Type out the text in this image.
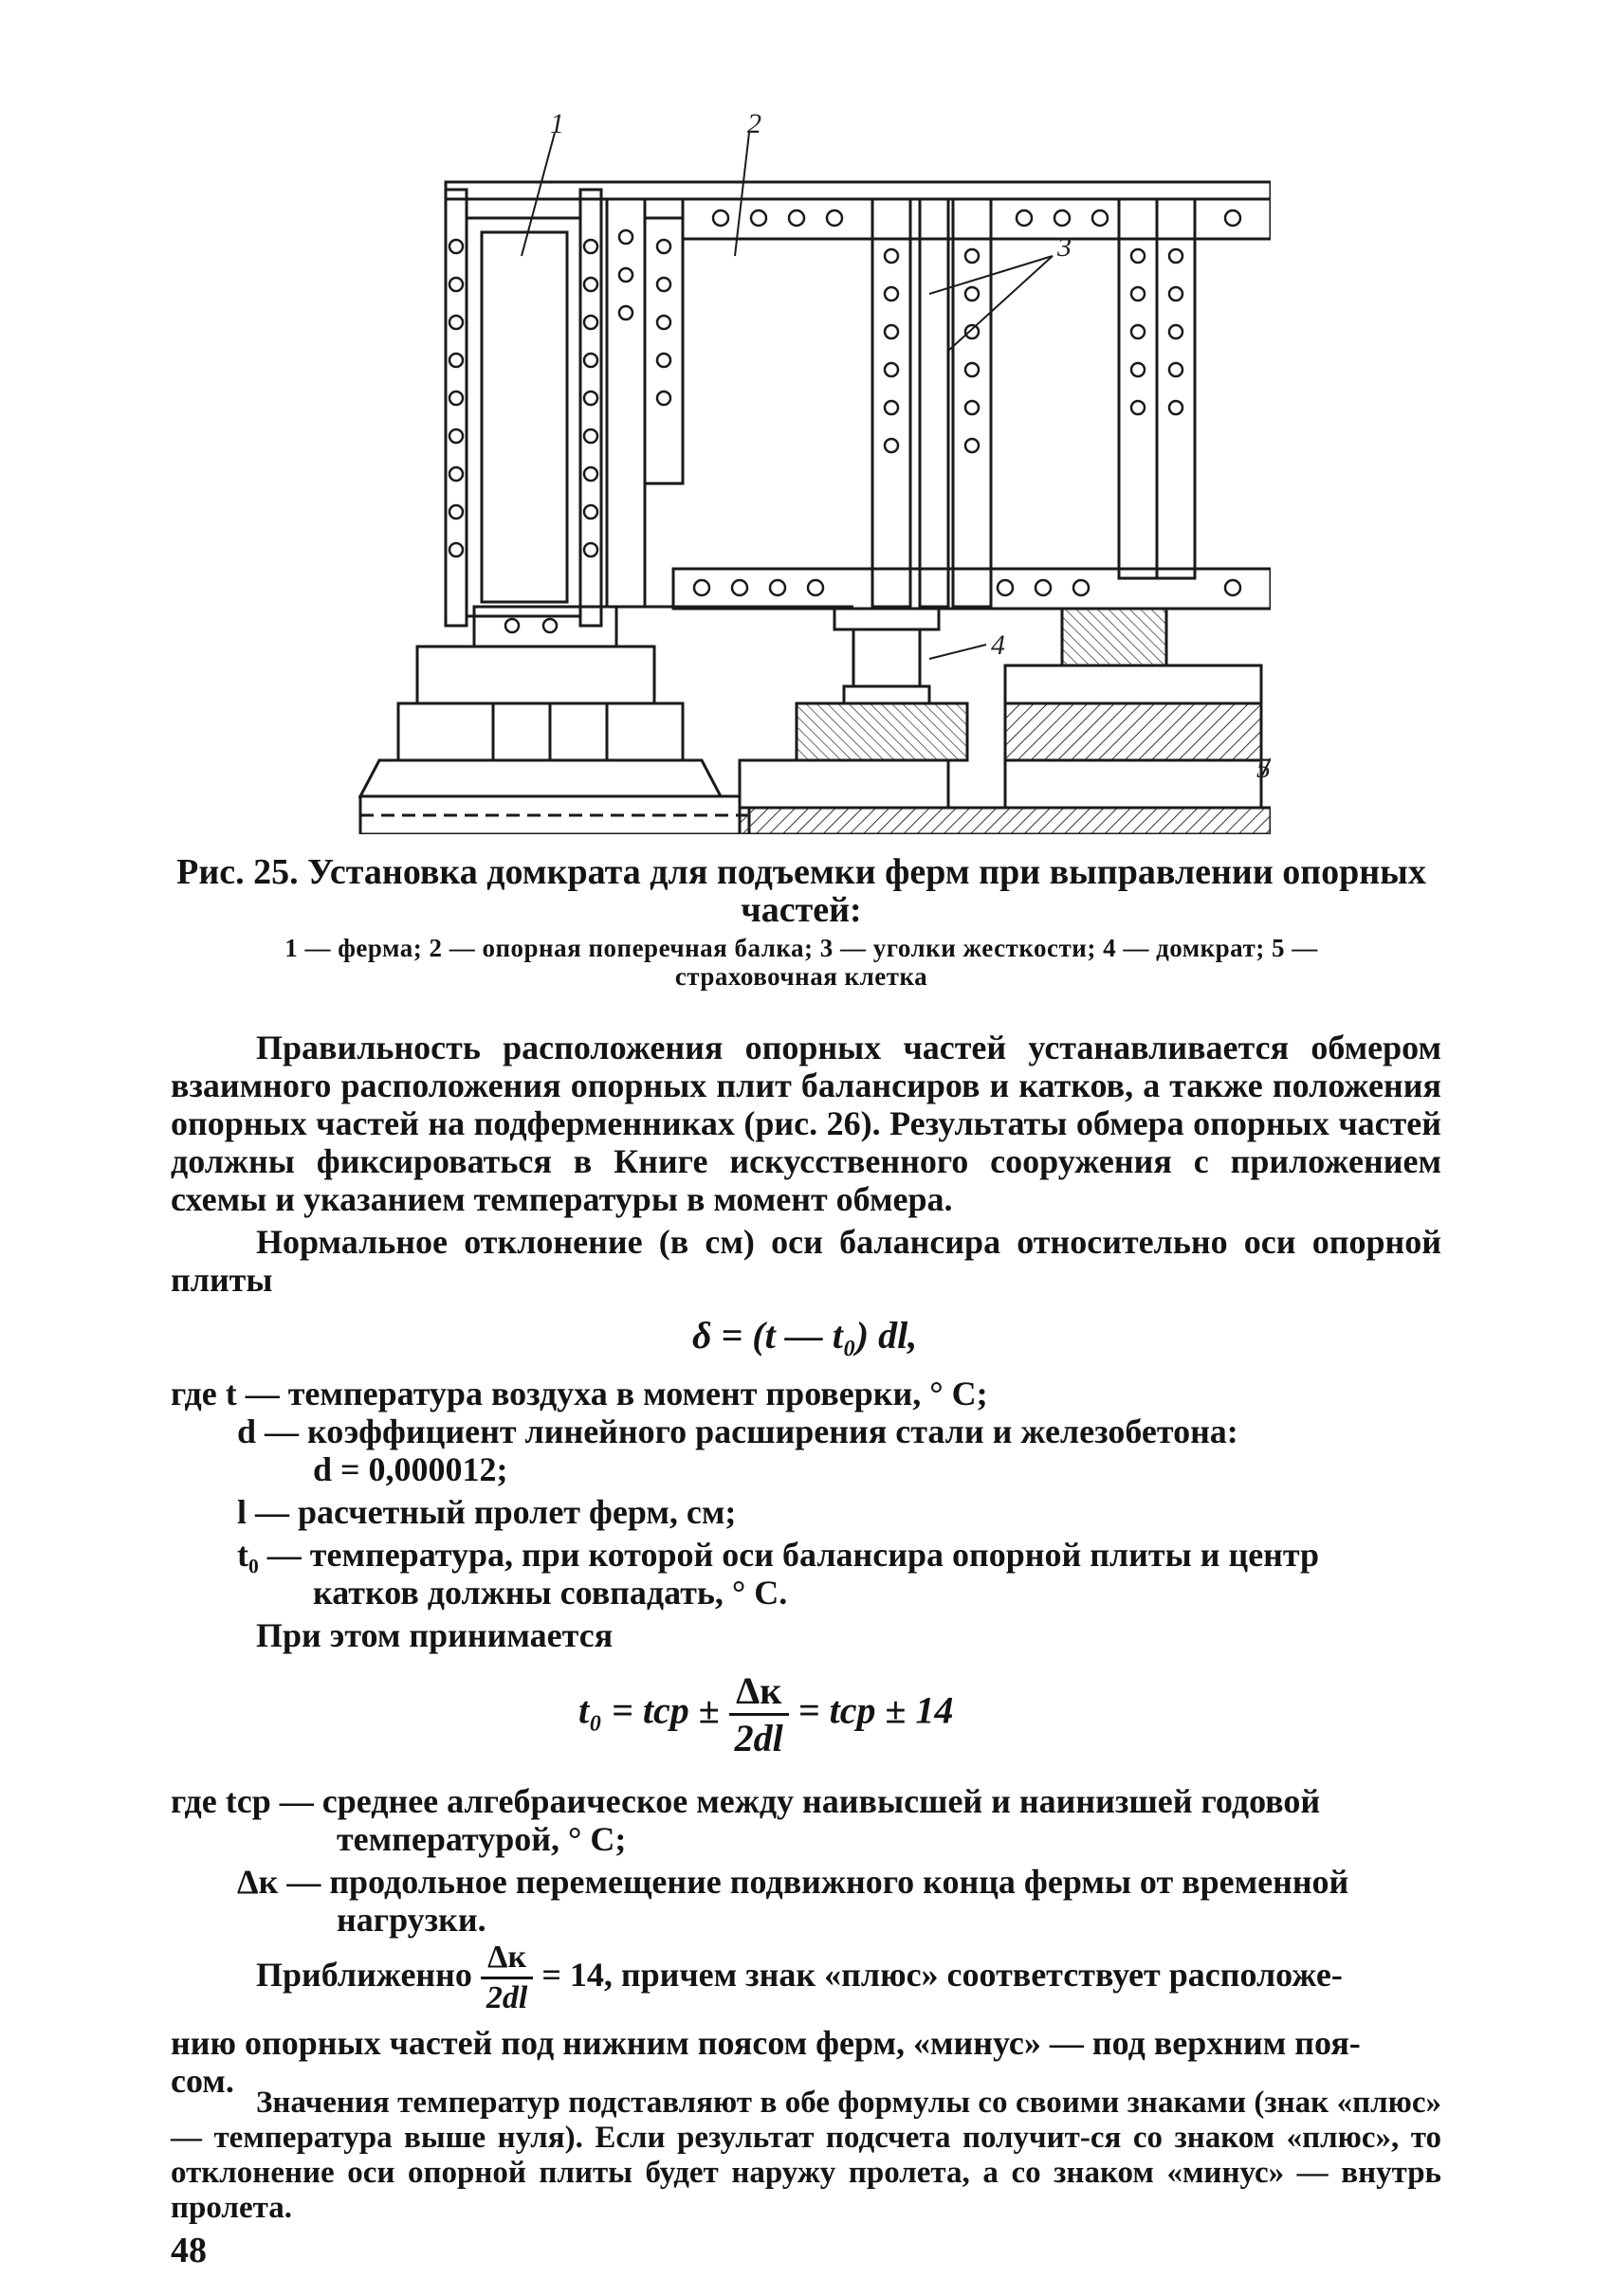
1	2
3
4
5
Рис. 25. Установка домкрата для подъемки ферм при выправлении опорных
частей:
1 — ферма; 2 — опорная поперечная балка; 3 — уголки жесткости; 4 — домкрат; 5 —
страховочная клетка
Правильность расположения опорных частей устанавливается обмером взаимного расположения опорных плит балансиров и катков, а также положения опорных частей на подферменниках (рис. 26). Результаты обмера опорных частей должны фиксироваться в Книге искусственного сооружения с приложением схемы и указанием температуры в момент обмера.
Нормальное отклонение (в см) оси балансира относительно оси опорной плиты
δ = (t — t₀) dl,
где t — температура воздуха в момент проверки, ° С;
d — коэффициент линейного расширения стали и железобетона:
d = 0,000012;
l — расчетный пролет ферм, см;
t₀ — температура, при которой оси балансира опорной плиты и центр
катков должны совпадать, ° С.
При этом принимается
t₀ = tср ± $\frac{\Delta к}{2dl}$ = tср ± 14
где tср — среднее алгебраическое между наивысшей и наинизшей годовой
температурой, ° С;
Δк — продольное перемещение подвижного конца фермы от временной
нагрузки.
Приближенно $\frac{\Delta к}{2dl} = 14$, причем знак «плюс» соответствует расположе-
нию опорных частей под нижним поясом ферм, «минус» — под верхним поя-
сом.
Значения температур подставляют в обе формулы со своими знаками (знак «плюс» — температура выше нуля). Если результат подсчета получит-ся со знаком «плюс», то отклонение оси опорной плиты будет наружу пролета, а со знаком «минус» — внутрь пролета.
48
